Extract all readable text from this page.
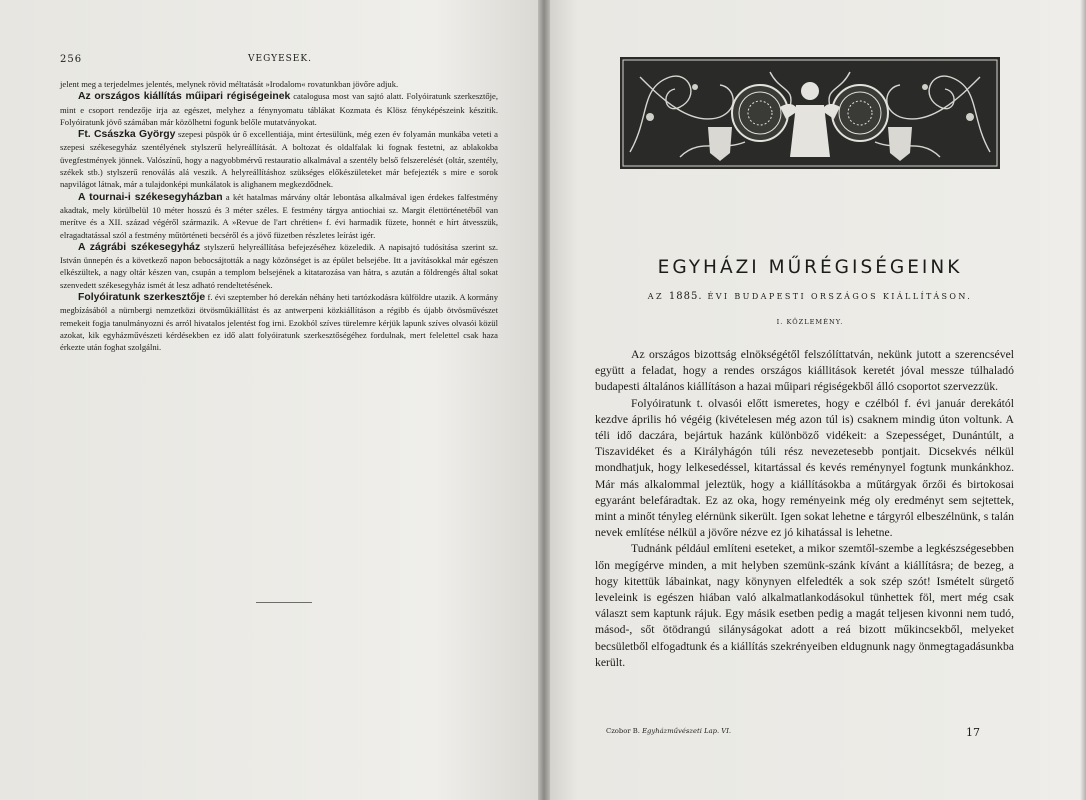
256	VEGYESEK.

jelent meg a terjedelmes jelentés, melynek rövid méltatását »Irodalom« rovatunkban jövőre adjuk.

Az országos kiállítás műipari régiségeinek catalogusa most van sajtó alatt. Folyóiratunk szerkesztője, mint e csoport rendezője irja az egészet, melyhez a fénynyomatu táblákat Kozmata és Klösz fényképészeink készitik. Folyóiratunk jövő számában már közölhetni fogunk belőle mutatványokat.

Ft. Császka György szepesi püspök úr ő excellentiája, mint értesülünk, még ezen év folyamán munkába veteti a szepesi székesegyház szentélyének stylszerű helyreállítását. A boltozat és oldalfalak ki fognak festetni, az ablakokba üvegfestmények jönnek. Valószínű, hogy a nagyobbmérvű restauratio alkalmával a szentély belső felszerelését (oltár, szentély, székek stb.) stylszerű renoválás alá veszik. A helyreállításhoz szükséges előkészületeket már befejezték s mire e sorok napvilágot látnak, már a tulajdonképi munkálatok is alighanem megkezdődnek.

A tournai-i székesegyházban a két hatalmas márvány oltár lebontása alkalmával igen érdekes falfestmény akadtak, mely körülbelül 10 méter hosszú és 3 méter széles. E festmény tárgya antiochiai sz. Margit élettörténetéből van merítve és a XII. század végéről származik. A »Revue de l'art chrétien« f. évi harmadik füzete, honnét e hírt átvesszük, elragadtatással szól a festmény műtörténeti becséről és a jövő füzetben részletes leírást igér.

A zágrábi székesegyház stylszerű helyreállítása befejezéséhez közeledik. A napisajtó tudósítása szerint sz. István ünnepén és a következő napon bebocsájtották a nagy közönséget is az épület belsejébe. Itt a javításokkal már egészen elkészültek, a nagy oltár készen van, csupán a templom belsejének a kitatarozása van hátra, s azután a földrengés által sokat szenvedett székesegyház ismét át lesz adható rendeltetésének.

Folyóiratunk szerkesztője f. évi szeptember hó derekán néhány heti tartózkodásra külföldre utazik. A kormány megbízásából a nürnbergi nemzetközi ötvösműkiállítást és az antwerpeni közkiállításon a régibb és újabb ötvösművészet remekeit fogja tanulmányozni és arról hivatalos jelentést fog irni. Ezokból szíves türelemre kérjük lapunk szíves olvasói közül azokat, kik egyházművészeti kérdésekben ez idő alatt folyóiratunk szerkesztőségéhez fordulnak, mert felelettel csak haza érkezte után foghat szolgálni.

EGYHÁZI MŰRÉGISÉGEINK
AZ 1885. ÉVI BUDAPESTI ORSZÁGOS KIÁLLÍTÁSON.
I. KÖZLEMÉNY.

Az országos bizottság elnökségétől felszólíttatván, nekünk jutott a szerencsével együtt a feladat, hogy a rendes országos kiállitások keretét jóval messze túlhaladó budapesti általános kiállításon a hazai műipari régiségekből álló csoportot szervezzük.

Folyóiratunk t. olvasói előtt ismeretes, hogy e czélból f. évi január derekától kezdve április hó végéig (kivételesen még azon túl is) csaknem mindig úton voltunk. A téli idő daczára, bejártuk hazánk különböző vidékeit: a Szepességet, Dunántúlt, a Tiszavidéket és a Királyhágón túli rész nevezetesebb pontjait. Dicsekvés nélkül mondhatjuk, hogy lelkesedéssel, kitartással és kevés reménynyel fogtunk munkánkhoz. Már más alkalommal jeleztük, hogy a kiállításokba a műtárgyak őrzői és birtokosai egyaránt belefáradtak. Ez az oka, hogy reményeink még oly eredményt sem sejtettek, mint a minőt tényleg elérnünk sikerült. Igen sokat lehetne e tárgyról elbeszélnünk, s talán nevek említése nélkül a jövőre nézve ez jó kihatással is lehetne.

Tudnánk például említeni eseteket, a mikor szemtől-szembe a legkészségesebben lőn megígérve minden, a mit helyben szemünk-szánk kívánt a kiállításra; de bezeg, a hogy kitettük lábainkat, nagy könynyen elfeledték a sok szép szót! Ismételt sürgető leveleink is egészen hiában való alkalmatlankodásokul tünhettek föl, mert még csak választ sem kaptunk rájuk. Egy másik esetben pedig a magát teljesen kivonni nem tudó, másod-, sőt ötödrangú silányságokat adott a reá bizott műkincsekből, melyeket becsületből elfogadtunk és a kiállítás szekrényeiben eldugnunk nagy önmegtagadásunkba került.

Czobor B. Egyházművészeti Lap. VI.	17
